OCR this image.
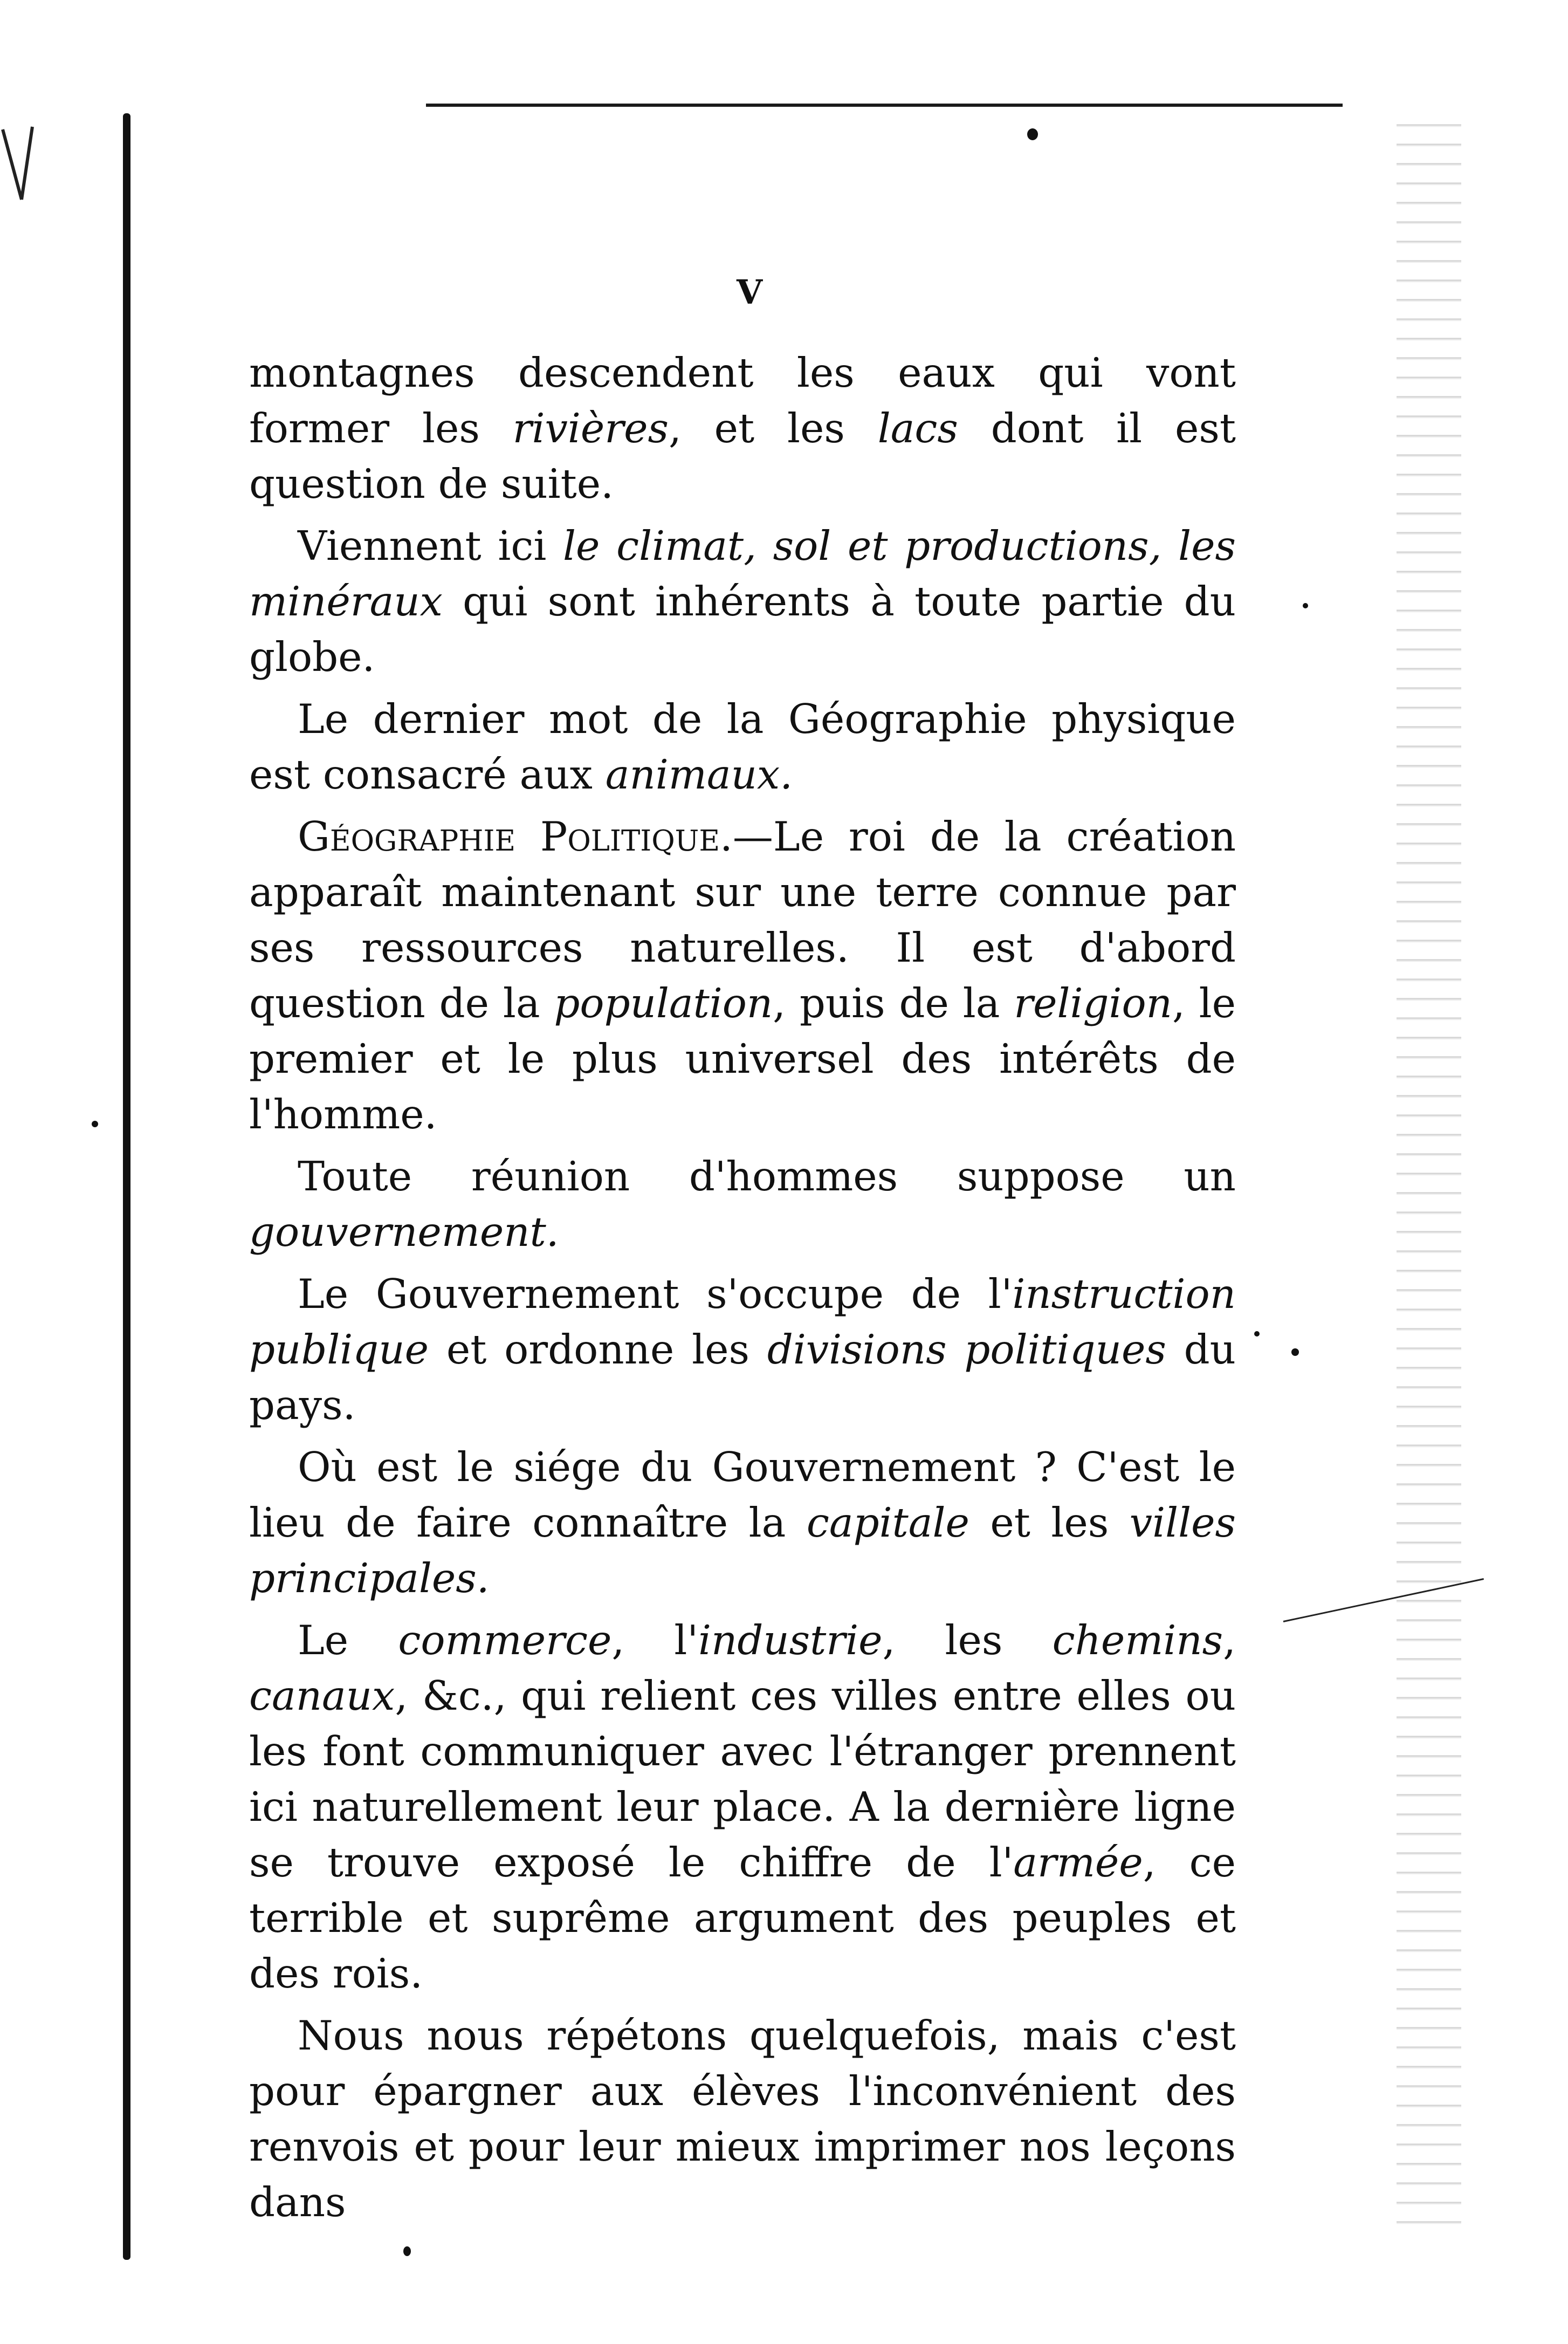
V

montagnes descendent les eaux qui vont former les rivières, et les lacs dont il est question de suite.

Viennent ici le climat, sol et productions, les minéraux qui sont inhérents à toute partie du globe.

Le dernier mot de la Géographie physique est consacré aux animaux.

Géographie Politique.—Le roi de la création apparaît maintenant sur une terre connue par ses ressources naturelles. Il est d'abord question de la population, puis de la religion, le premier et le plus universel des intérêts de l'homme.

Toute réunion d'hommes suppose un gouvernement.

Le Gouvernement s'occupe de l'instruction publique et ordonne les divisions politiques du pays.

Où est le siége du Gouvernement ? C'est le lieu de faire connaître la capitale et les villes principales.

Le commerce, l'industrie, les chemins, canaux, &c., qui relient ces villes entre elles ou les font communiquer avec l'étranger prennent ici naturellement leur place. A la dernière ligne se trouve exposé le chiffre de l'armée, ce terrible et suprême argument des peuples et des rois.

Nous nous répétons quelquefois, mais c'est pour épargner aux élèves l'inconvénient des renvois et pour leur mieux imprimer nos leçons dans
